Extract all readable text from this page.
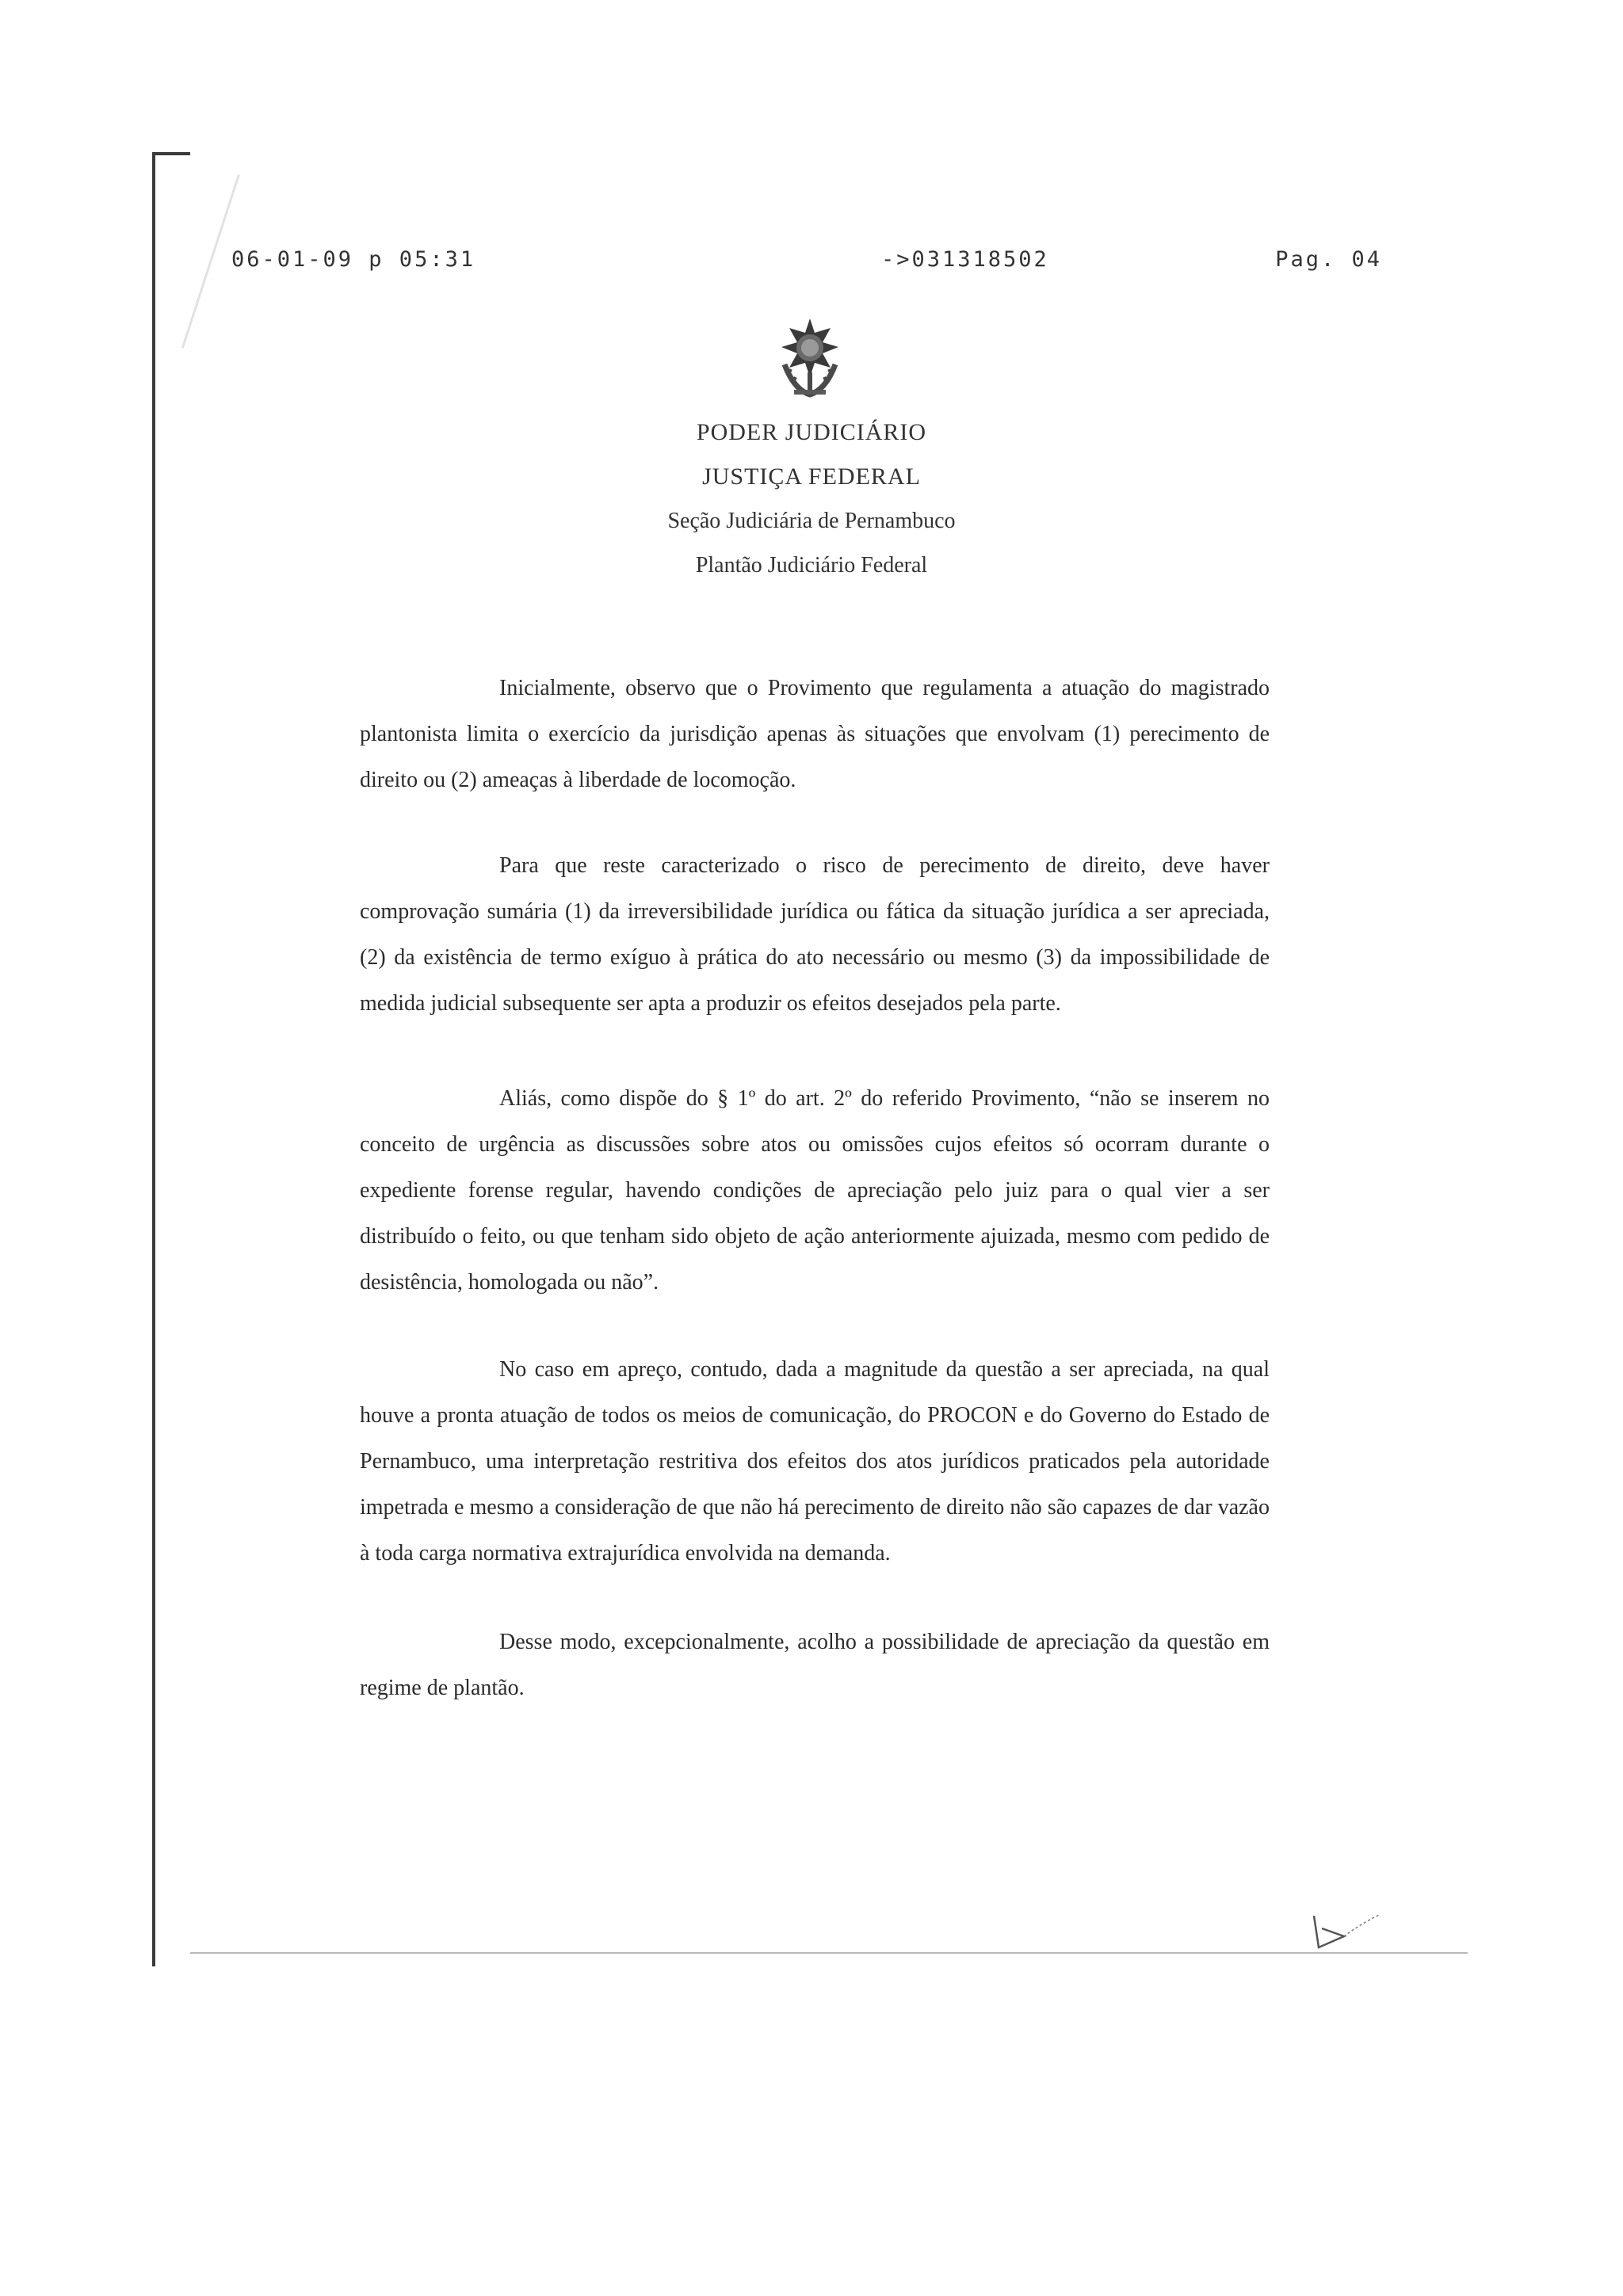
06-01-09 p 05:31	->031318502	Pag. 04
PODER JUDICIÁRIO
JUSTIÇA FEDERAL
Seção Judiciária de Pernambuco
Plantão Judiciário Federal

Inicialmente, observo que o Provimento que regulamenta a atuação do magistrado plantonista limita o exercício da jurisdição apenas às situações que envolvam (1) perecimento de direito ou (2) ameaças à liberdade de locomoção.

Para que reste caracterizado o risco de perecimento de direito, deve haver comprovação sumária (1) da irreversibilidade jurídica ou fática da situação jurídica a ser apreciada, (2) da existência de termo exíguo à prática do ato necessário ou mesmo (3) da impossibilidade de medida judicial subsequente ser apta a produzir os efeitos desejados pela parte.

Aliás, como dispõe do § 1º do art. 2º do referido Provimento, “não se inserem no conceito de urgência as discussões sobre atos ou omissões cujos efeitos só ocorram durante o expediente forense regular, havendo condições de apreciação pelo juiz para o qual vier a ser distribuído o feito, ou que tenham sido objeto de ação anteriormente ajuizada, mesmo com pedido de desistência, homologada ou não”.

No caso em apreço, contudo, dada a magnitude da questão a ser apreciada, na qual houve a pronta atuação de todos os meios de comunicação, do PROCON e do Governo do Estado de Pernambuco, uma interpretação restritiva dos efeitos dos atos jurídicos praticados pela autoridade impetrada e mesmo a consideração de que não há perecimento de direito não são capazes de dar vazão à toda carga normativa extrajurídica envolvida na demanda.

Desse modo, excepcionalmente, acolho a possibilidade de apreciação da questão em regime de plantão.
